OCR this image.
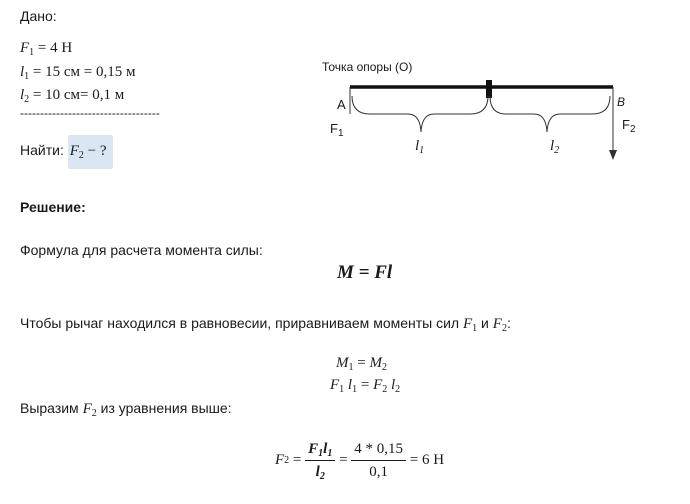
Дано:
$F_1 = 4$ Н
$l_1 = 15$ см = 0,15 м
$l_2 = 10$ см= 0,1 м
-----------------------------------
Найти: $F_2$ − ?
Точка опоры (O)
A	B
$F_1$
$F_2$
$l_1$	$l_2$
Решение:
Формула для расчета момента силы:
M = Fl
Чтобы рычаг находился в равновесии, приравниваем моменты сил $F_1$ и $F_2$:
$M_1 = M_2$
$F_1$ $l_1 = F_2$ $l_2$
Выразим $F_2$ из уравнения выше:
F $2 = \frac{F_1l_1}{l_2} = \frac{4 * 0,15}{0,1} = 6$ Н
